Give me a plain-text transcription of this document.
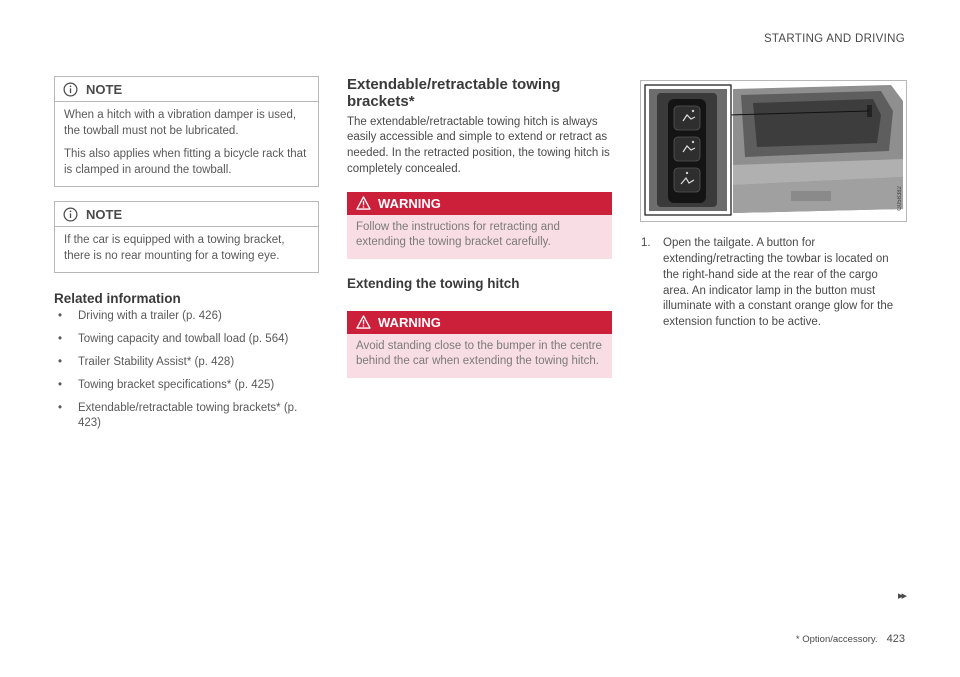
STARTING AND DRIVING
NOTE

When a hitch with a vibration damper is used, the towball must not be lubricated.

This also applies when fitting a bicycle rack that is clamped in around the towball.

NOTE

If the car is equipped with a towing bracket, there is no rear mounting for a towing eye.

Related information
• Driving with a trailer (p. 426)
• Towing capacity and towball load (p. 564)
• Trailer Stability Assist* (p. 428)
• Towing bracket specifications* (p. 425)
• Extendable/retractable towing brackets* (p. 423)
Extendable/retractable towing brackets*

The extendable/retractable towing hitch is always easily accessible and simple to extend or retract as needed. In the retracted position, the towing hitch is completely concealed.

WARNING
Follow the instructions for retracting and extending the towing bracket carefully.
Extending the towing hitch
WARNING
Avoid standing close to the bumper in the centre behind the car when extending the towing hitch.
G058382
1. Open the tailgate. A button for extending/retracting the towbar is located on the right-hand side at the rear of the cargo area. An indicator lamp in the button must illuminate with a constant orange glow for the extension function to be active.
▸▸
* Option/accessory. 423
